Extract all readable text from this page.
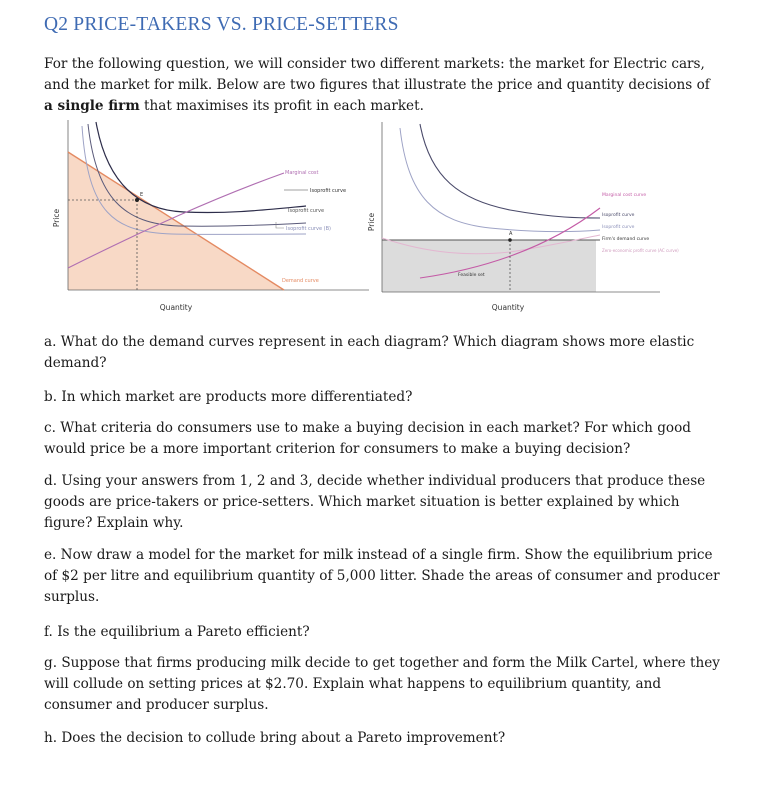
Q2 PRICE-TAKERS VS. PRICE-SETTERS
For the following question, we will consider two different markets: the market for Electric cars, and the market for milk. Below are two figures that illustrate the price and quantity decisions of a single firm that maximises its profit in each market.
E
Marginal cost
Isoprofit curve
Isoprofit curve
Isoprofit curve (B)
Demand curve
Price
Quantity
A
Feasible set
Marginal cost curve
Isoprofit curve
Isoprofit curve
Firm's demand curve
Zero-economic profit curve (AC curve)
Price
Quantity
a. What do the demand curves represent in each diagram? Which diagram shows more elastic demand?
b. In which market are products more differentiated?
c. What criteria do consumers use to make a buying decision in each market? For which good would price be a more important criterion for consumers to make a buying decision?
d. Using your answers from 1, 2 and 3, decide whether individual producers that produce these goods are price-takers or price-setters. Which market situation is better explained by which figure? Explain why.
e. Now draw a model for the market for milk instead of a single firm. Show the equilibrium price of $2 per litre and equilibrium quantity of 5,000 litter. Shade the areas of consumer and producer surplus.
f. Is the equilibrium a Pareto efficient?
g. Suppose that firms producing milk decide to get together and form the Milk Cartel, where they will collude on setting prices at $2.70. Explain what happens to equilibrium quantity, and consumer and producer surplus.
h. Does the decision to collude bring about a Pareto improvement?
